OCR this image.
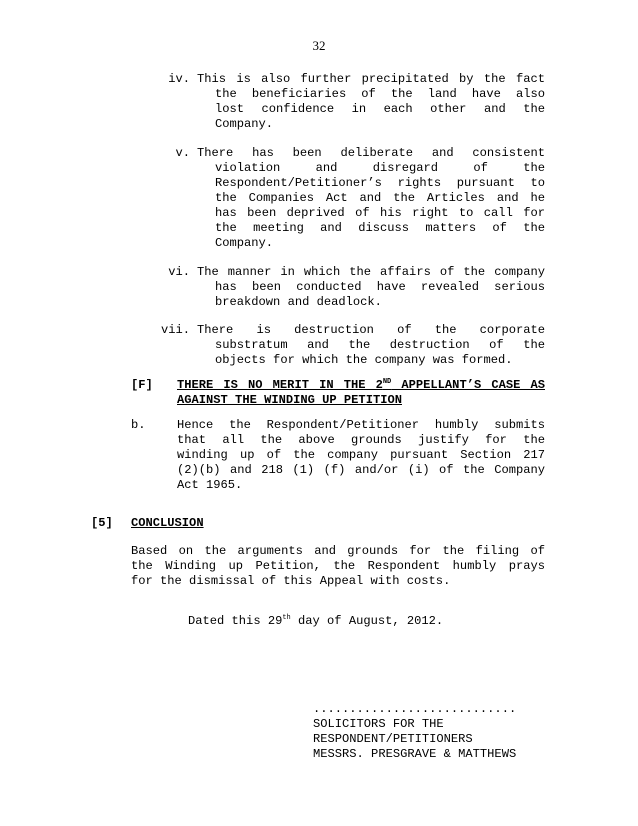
32
iv. This is also further precipitated by the fact
the beneficiaries of the land have also
lost confidence in each other and the
Company.
v. There has been deliberate and consistent
violation and disregard of the
Respondent/Petitioner’s rights pursuant to
the Companies Act and the Articles and he
has been deprived of his right to call for
the meeting and discuss matters of the
Company.
vi. The manner in which the affairs of the company
has been conducted have revealed serious
breakdown and deadlock.
vii. There is destruction of the corporate
substratum and the destruction of the
objects for which the company was formed.
[F] THERE IS NO MERIT IN THE 2ND APPELLANT’S CASE AS
AGAINST THE WINDING UP PETITION
b.	Hence the Respondent/Petitioner humbly submits
that all the above grounds justify for the
winding up of the company pursuant Section 217
(2)(b) and 218 (1) (f) and/or (i) of the Company
Act 1965.
[5] CONCLUSION
Based on the arguments and grounds for the filing of
the Winding up Petition, the Respondent humbly prays
for the dismissal of this Appeal with costs.
Dated this 29th day of August, 2012.
............................
SOLICITORS FOR THE
RESPONDENT/PETITIONERS
MESSRS. PRESGRAVE & MATTHEWS
